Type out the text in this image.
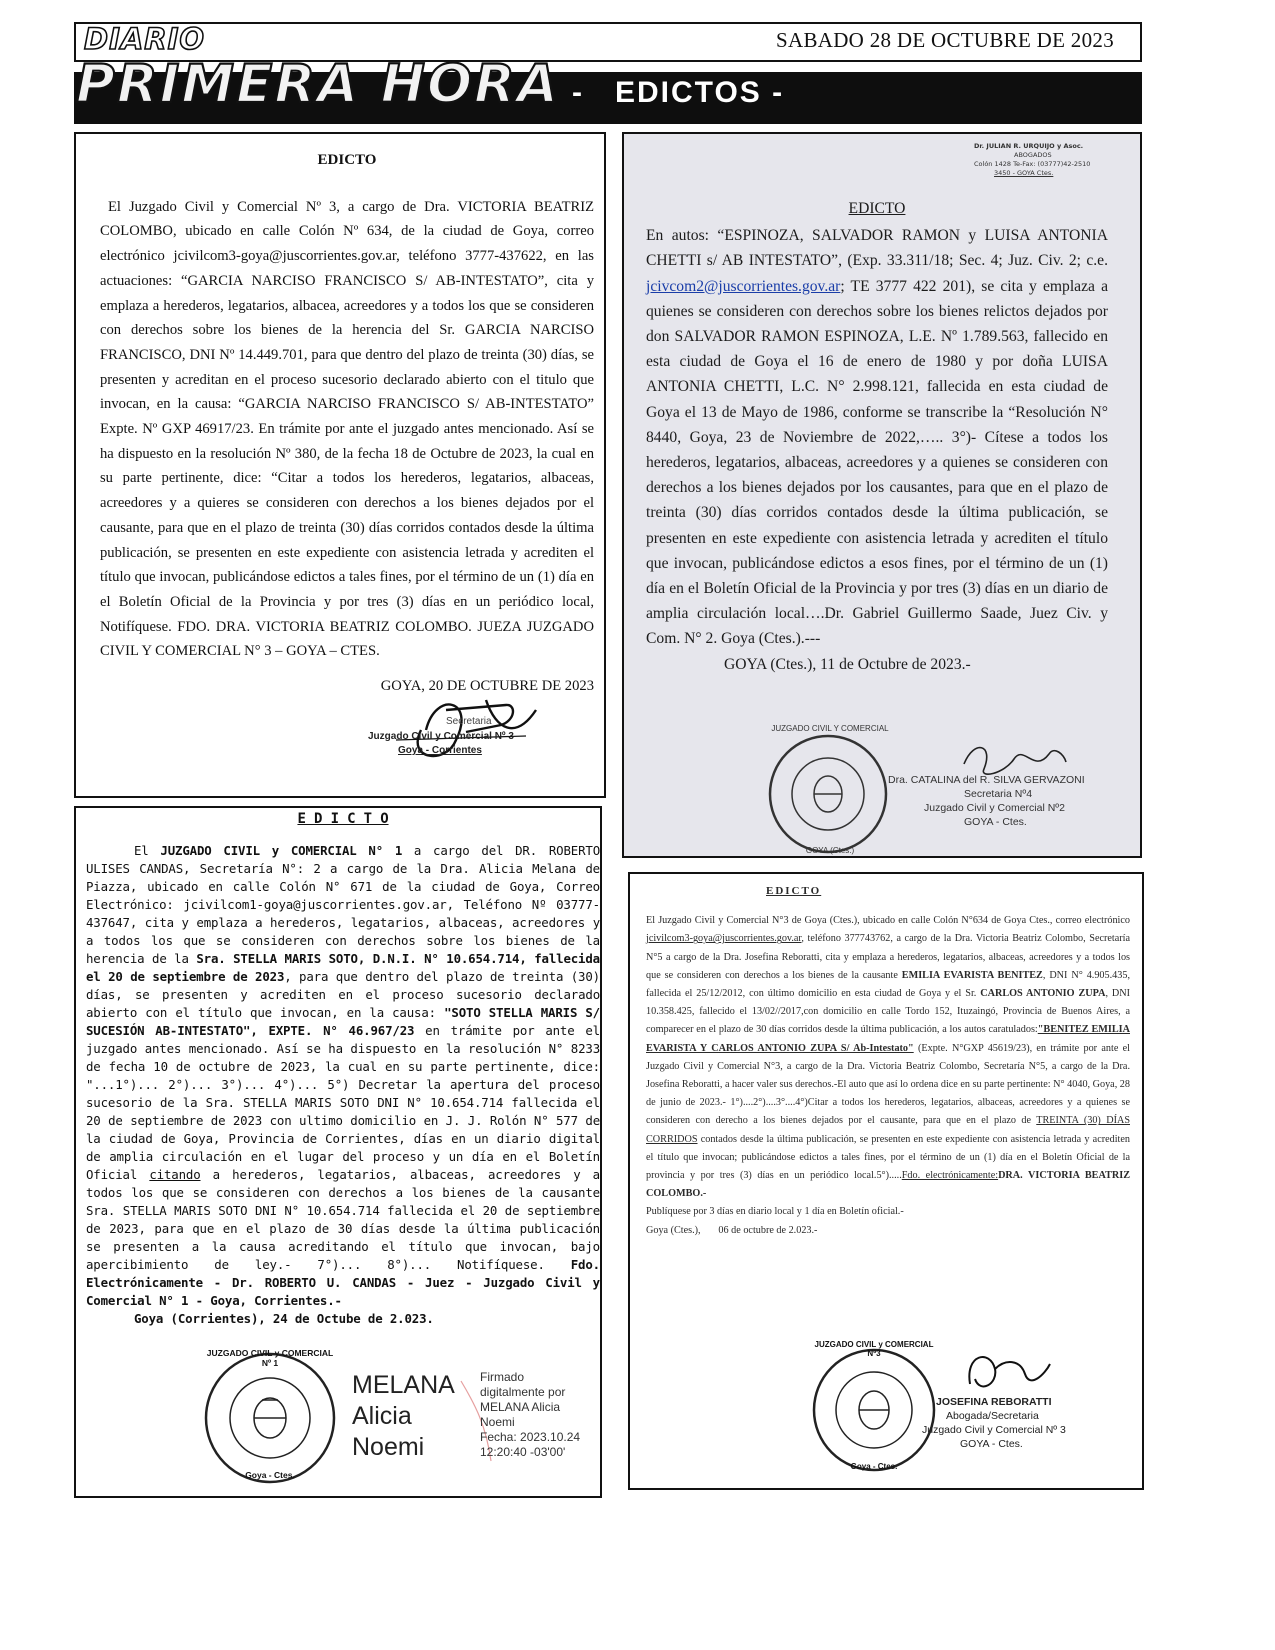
SABADO 28 DE OCTUBRE DE 2023
-   EDICTOS -
DIARIO
PRIMERA HORA

EDICTO

El Juzgado Civil y Comercial Nº 3, a cargo de Dra. VICTORIA BEATRIZ COLOMBO, ubicado en calle Colón Nº 634, de la ciudad de Goya, correo electrónico jcivilcom3-goya@juscorrientes.gov.ar, teléfono 3777-437622, en las actuaciones: “GARCIA NARCISO FRANCISCO S/ AB-INTESTATO”, cita y emplaza a herederos, legatarios, albacea, acreedores y a todos los que se consideren con derechos sobre los bienes de la herencia del Sr. GARCIA NARCISO FRANCISCO, DNI Nº 14.449.701, para que dentro del plazo de treinta (30) días, se presenten y acreditan en el proceso sucesorio declarado abierto con el titulo que invocan, en la causa: “GARCIA NARCISO FRANCISCO S/ AB-INTESTATO” Expte. Nº GXP 46917/23. En trámite por ante el juzgado antes mencionado. Así se ha dispuesto en la resolución Nº 380, de la fecha 18 de Octubre de 2023, la cual en su parte pertinente, dice: “Citar a todos los herederos, legatarios, albaceas, acreedores y a quieres se consideren con derechos a los bienes dejados por el causante, para que en el plazo de treinta (30) días corridos contados desde la última publicación, se presenten en este expediente con asistencia letrada y acrediten el título que invocan, publicándose edictos a tales fines, por el término de un (1) día en el Boletín Oficial de la Provincia y por tres (3) días en un periódico local, Notifíquese. FDO. DRA. VICTORIA BEATRIZ COLOMBO. JUEZA JUZGADO CIVIL Y COMERCIAL N° 3 – GOYA – CTES.

GOYA, 20 DE OCTUBRE DE 2023

Secretaria
Juzgado Civil y Comercial Nº 3
Goya - Corrientes
Dr. JULIAN R. URQUIJO y Asoc.
ABOGADOS
Colón 1428 Te-Fax: (03777)42-2510
3450 - GOYA Ctes.

EDICTO

En autos: “ESPINOZA, SALVADOR RAMON y LUISA ANTONIA CHETTI s/ AB INTESTATO”, (Exp. 33.311/18; Sec. 4; Juz. Civ. 2; c.e. jcivcom2@juscorrientes.gov.ar; TE 3777 422 201), se cita y emplaza a quienes se consideren con derechos sobre los bienes relictos dejados por don SALVADOR RAMON ESPINOZA, L.E. Nº 1.789.563, fallecido en esta ciudad de Goya el 16 de enero de 1980 y por doña LUISA ANTONIA CHETTI, L.C. N° 2.998.121, fallecida en esta ciudad de Goya el 13 de Mayo de 1986, conforme se transcribe la “Resolución N° 8440, Goya, 23 de Noviembre de 2022,….. 3°)- Cítese a todos los herederos, legatarios, albaceas, acreedores y a quienes se consideren con derechos a los bienes dejados por los causantes, para que en el plazo de treinta (30) días corridos contados desde la última publicación, se presenten en este expediente con asistencia letrada y acrediten el título que invocan, publicándose edictos a esos fines, por el término de un (1) día en el Boletín Oficial de la Provincia y por tres (3) días en un diario de amplia circulación local….Dr. Gabriel Guillermo Saade, Juez Civ. y Com. N° 2. Goya (Ctes.).---

GOYA (Ctes.), 11 de Octubre de 2023.-

JUZGADO CIVIL Y COMERCIAL
GOYA (Ctes.)
Dra. CATALINA del R. SILVA GERVAZONI
Secretaria Nº4
Juzgado Civil y Comercial Nº2
GOYA - Ctes.

E D I C T O

El JUZGADO CIVIL y COMERCIAL N° 1 a cargo del DR. ROBERTO ULISES CANDAS, Secretaría N°: 2 a cargo de la Dra. Alicia Melana de Piazza, ubicado en calle Colón N° 671 de la ciudad de Goya, Correo Electrónico: jcivilcom1-goya@juscorrientes.gov.ar, Teléfono Nº 03777-437647, cita y emplaza a herederos, legatarios, albaceas, acreedores y a todos los que se consideren con derechos sobre los bienes de la herencia de la Sra. STELLA MARIS SOTO, D.N.I. N° 10.654.714, fallecida el 20 de septiembre de 2023, para que dentro del plazo de treinta (30) días, se presenten y acrediten en el proceso sucesorio declarado abierto con el título que invocan, en la causa: "SOTO STELLA MARIS S/ SUCESIÓN AB-INTESTATO", EXPTE. N° 46.967/23 en trámite por ante el juzgado antes mencionado. Así se ha dispuesto en la resolución N° 8233 de fecha 10 de octubre de 2023, la cual en su parte pertinente, dice: "...1°)... 2°)... 3°)... 4°)... 5°) Decretar la apertura del proceso sucesorio de la Sra. STELLA MARIS SOTO DNI N° 10.654.714 fallecida el 20 de septiembre de 2023 con ultimo domicilio en J. J. Rolón N° 577 de la ciudad de Goya, Provincia de Corrientes, días en un diario digital de amplia circulación en el lugar del proceso y un día en el Boletín Oficial citando a herederos, legatarios, albaceas, acreedores y a todos los que se consideren con derechos a los bienes de la causante Sra. STELLA MARIS SOTO DNI N° 10.654.714 fallecida el 20 de septiembre de 2023, para que en el plazo de 30 días desde la última publicación se presenten a la causa acreditando el título que invocan, bajo apercibimiento de ley.- 7°)... 8°)... Notifíquese. Fdo. Electrónicamente - Dr. ROBERTO U. CANDAS - Juez - Juzgado Civil y Comercial N° 1 - Goya, Corrientes.-

Goya (Corrientes), 24 de Octube de 2.023.

JUZGADO CIVIL y COMERCIAL Nº 1
Goya - Ctes.
MELANA
Alicia
Noemi
Firmado
digitalmente por
MELANA Alicia
Noemi
Fecha: 2023.10.24
12:20:40 -03'00'

EDICTO

El Juzgado Civil y Comercial N°3 de Goya (Ctes.), ubicado en calle Colón N°634 de Goya Ctes., correo electrónico jcivilcom3-goya@juscorrientes.gov.ar, teléfono 377743762, a cargo de la Dra. Victoria Beatriz Colombo, Secretaría N°5 a cargo de la Dra. Josefina Reboratti, cita y emplaza a herederos, legatarios, albaceas, acreedores y a todos los que se consideren con derechos a los bienes de la causante EMILIA EVARISTA BENITEZ, DNI N° 4.905.435, fallecida el 25/12/2012, con último domicilio en esta ciudad de Goya y el Sr. CARLOS ANTONIO ZUPA, DNI 10.358.425, fallecido el 13/02//2017,con domicilio en calle Tordo 152, Ituzaingó, Provincia de Buenos Aires, a comparecer en el plazo de 30 días corridos desde la última publicación, a los autos caratulados:"BENITEZ EMILIA EVARISTA Y CARLOS ANTONIO ZUPA S/ Ab-Intestato" (Expte. N°GXP 45619/23), en trámite por ante el Juzgado Civil y Comercial N°3, a cargo de la Dra. Victoria Beatriz Colombo, Secretaría N°5, a cargo de la Dra. Josefina Reboratti, a hacer valer sus derechos.-El auto que así lo ordena dice en su parte pertinente: N° 4040, Goya, 28 de junio de 2023.- 1°)....2°)....3°....4°)Citar a todos los herederos, legatarios, albaceas, acreedores y a quienes se consideren con derecho a los bienes dejados por el causante, para que en el plazo de TREINTA (30) DÍAS CORRIDOS contados desde la última publicación, se presenten en este expediente con asistencia letrada y acrediten el título que invocan; publicándose edictos a tales fines, por el término de un (1) día en el Boletín Oficial de la provincia y por tres (3) días en un periódico local.5°).....Fdo. electrónicamente:DRA. VICTORIA BEATRIZ COLOMBO.-

Publíquese por 3 días en diario local y 1 día en Boletín oficial.-

Goya (Ctes.),       06 de octubre de 2.023.-

JUZGADO CIVIL y COMERCIAL Nº3
Goya - Ctes.
JOSEFINA REBORATTI
Abogada/Secretaria
Juzgado Civil y Comercial Nº 3
GOYA - Ctes.
